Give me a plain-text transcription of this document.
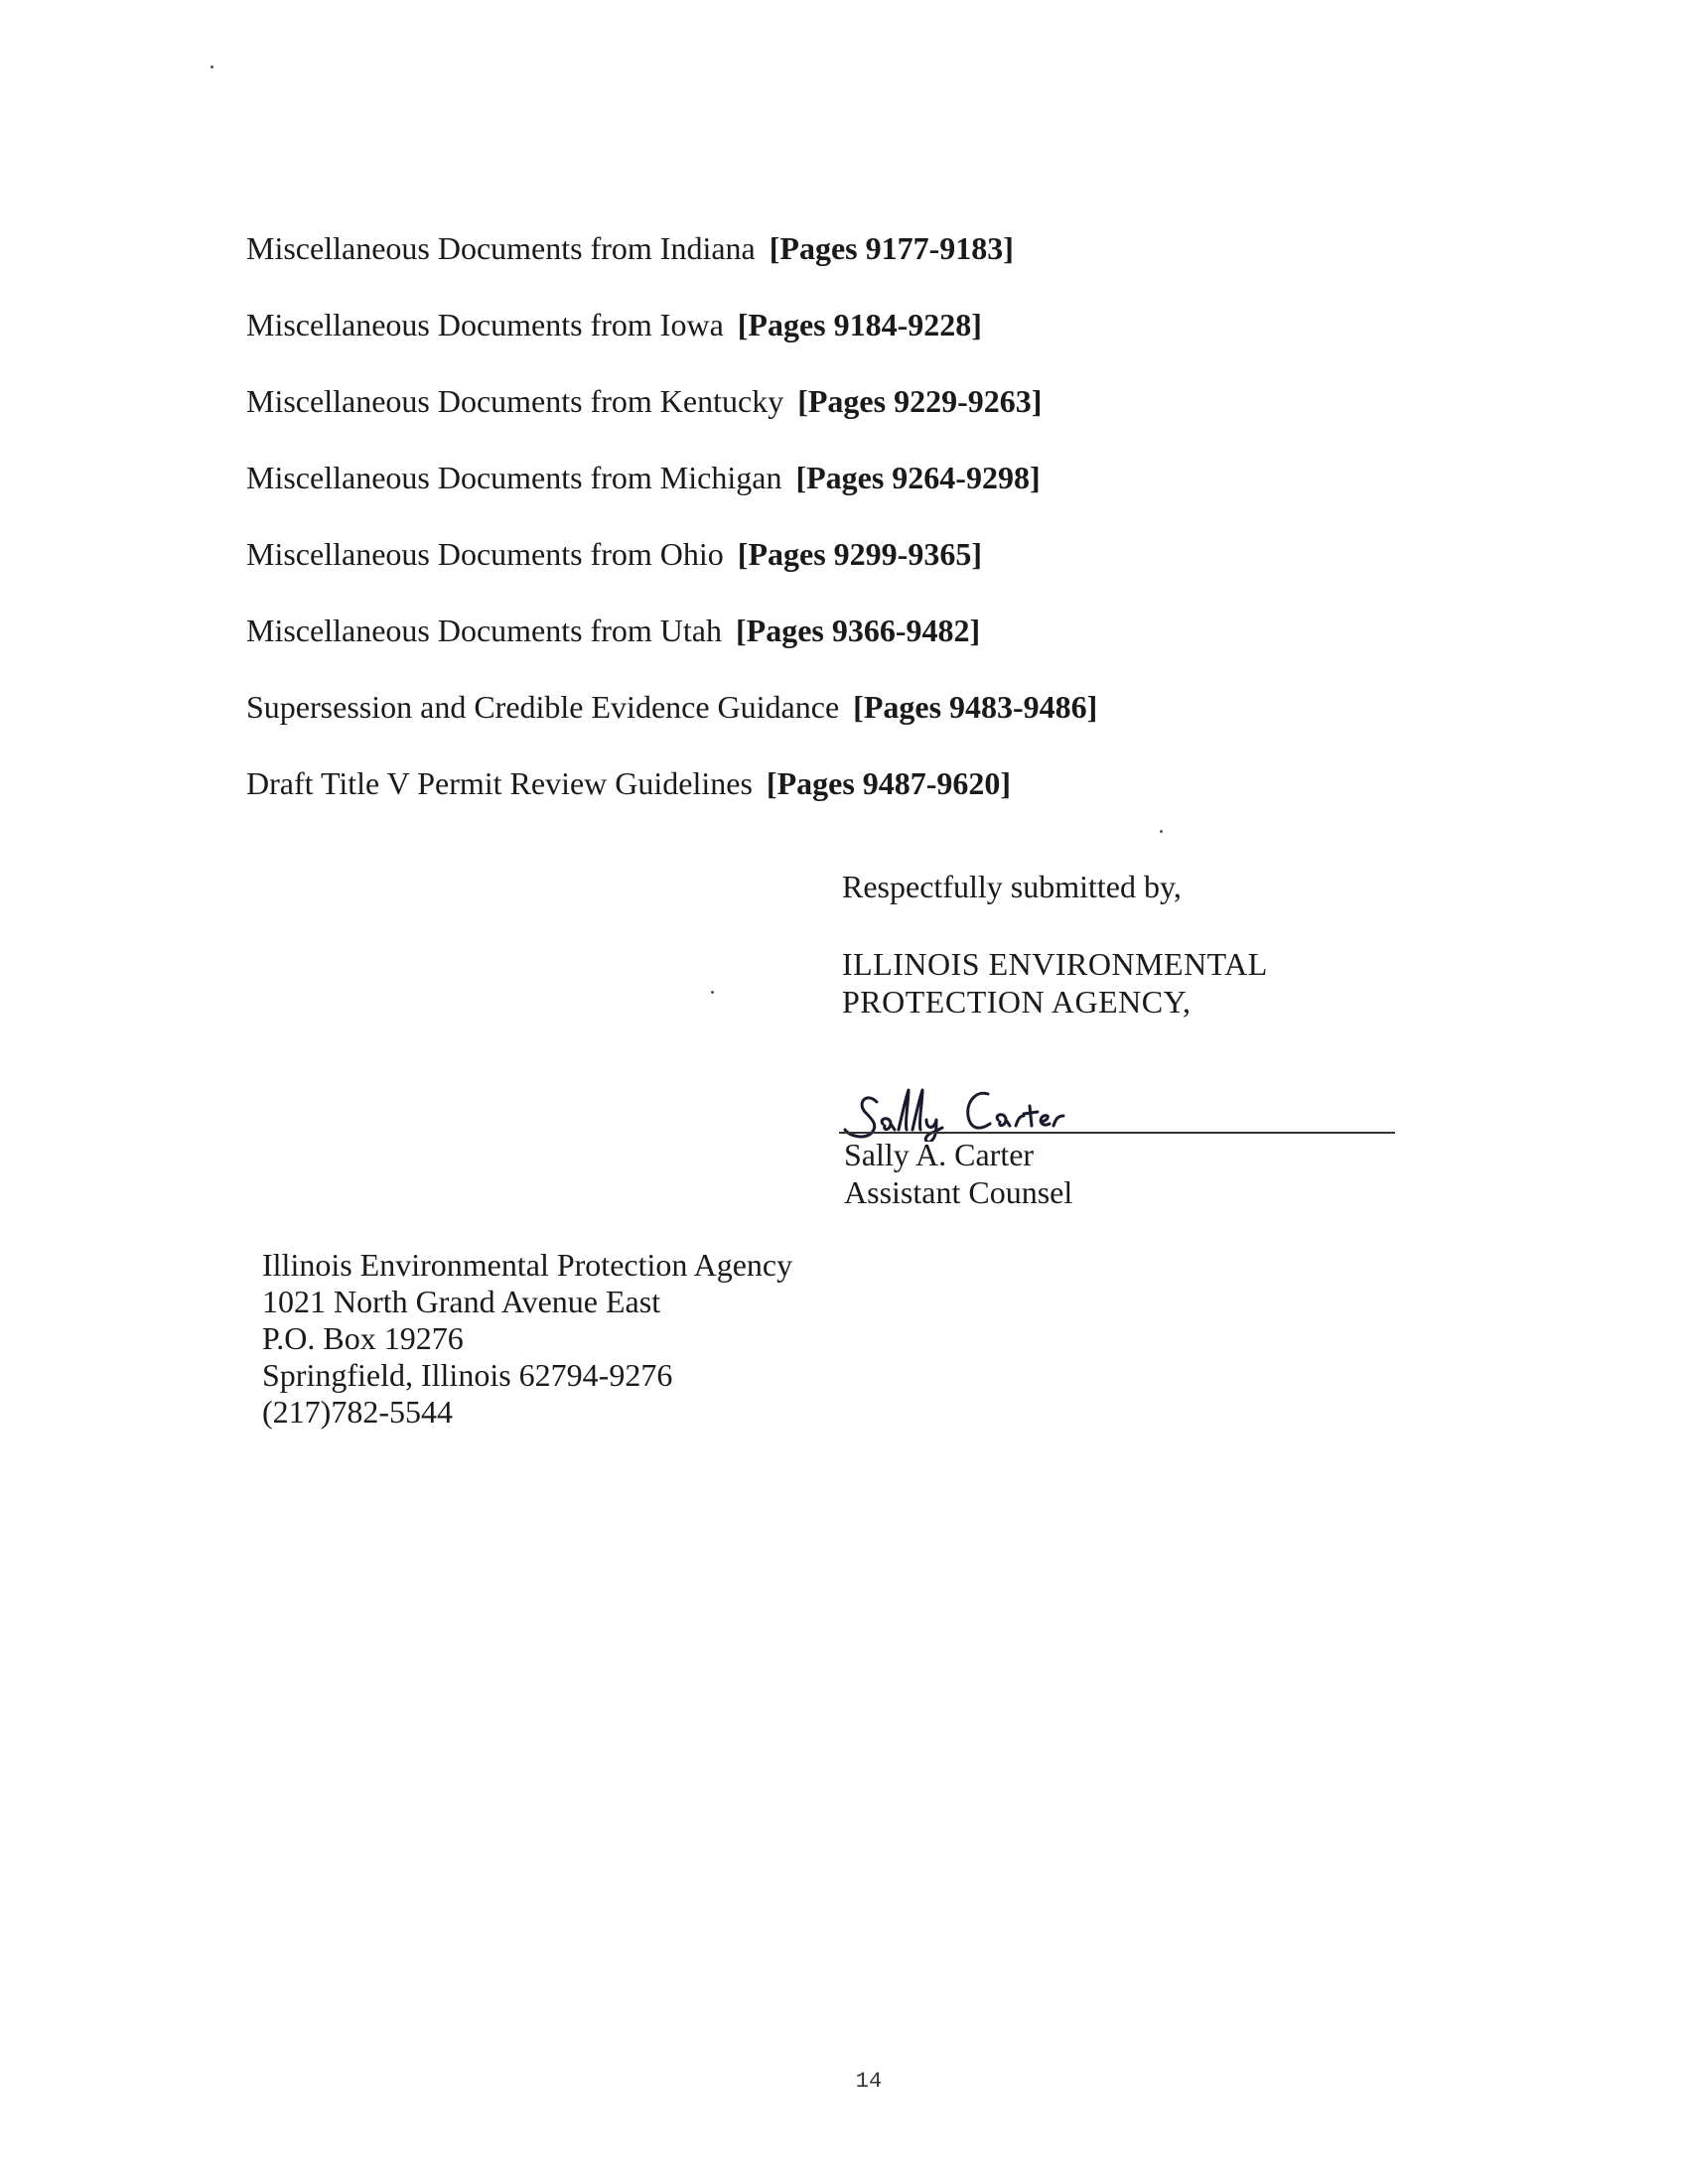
Miscellaneous Documents from Indiana [Pages 9177-9183]
Miscellaneous Documents from Iowa [Pages 9184-9228]
Miscellaneous Documents from Kentucky [Pages 9229-9263]
Miscellaneous Documents from Michigan [Pages 9264-9298]
Miscellaneous Documents from Ohio [Pages 9299-9365]
Miscellaneous Documents from Utah [Pages 9366-9482]
Supersession and Credible Evidence Guidance [Pages 9483-9486]
Draft Title V Permit Review Guidelines [Pages 9487-9620]
Respectfully submitted by,
ILLINOIS ENVIRONMENTAL
PROTECTION AGENCY,
Sally A. Carter
Assistant Counsel
Illinois Environmental Protection Agency
1021 North Grand Avenue East
P.O. Box 19276
Springfield, Illinois 62794-9276
(217)782-5544
14
